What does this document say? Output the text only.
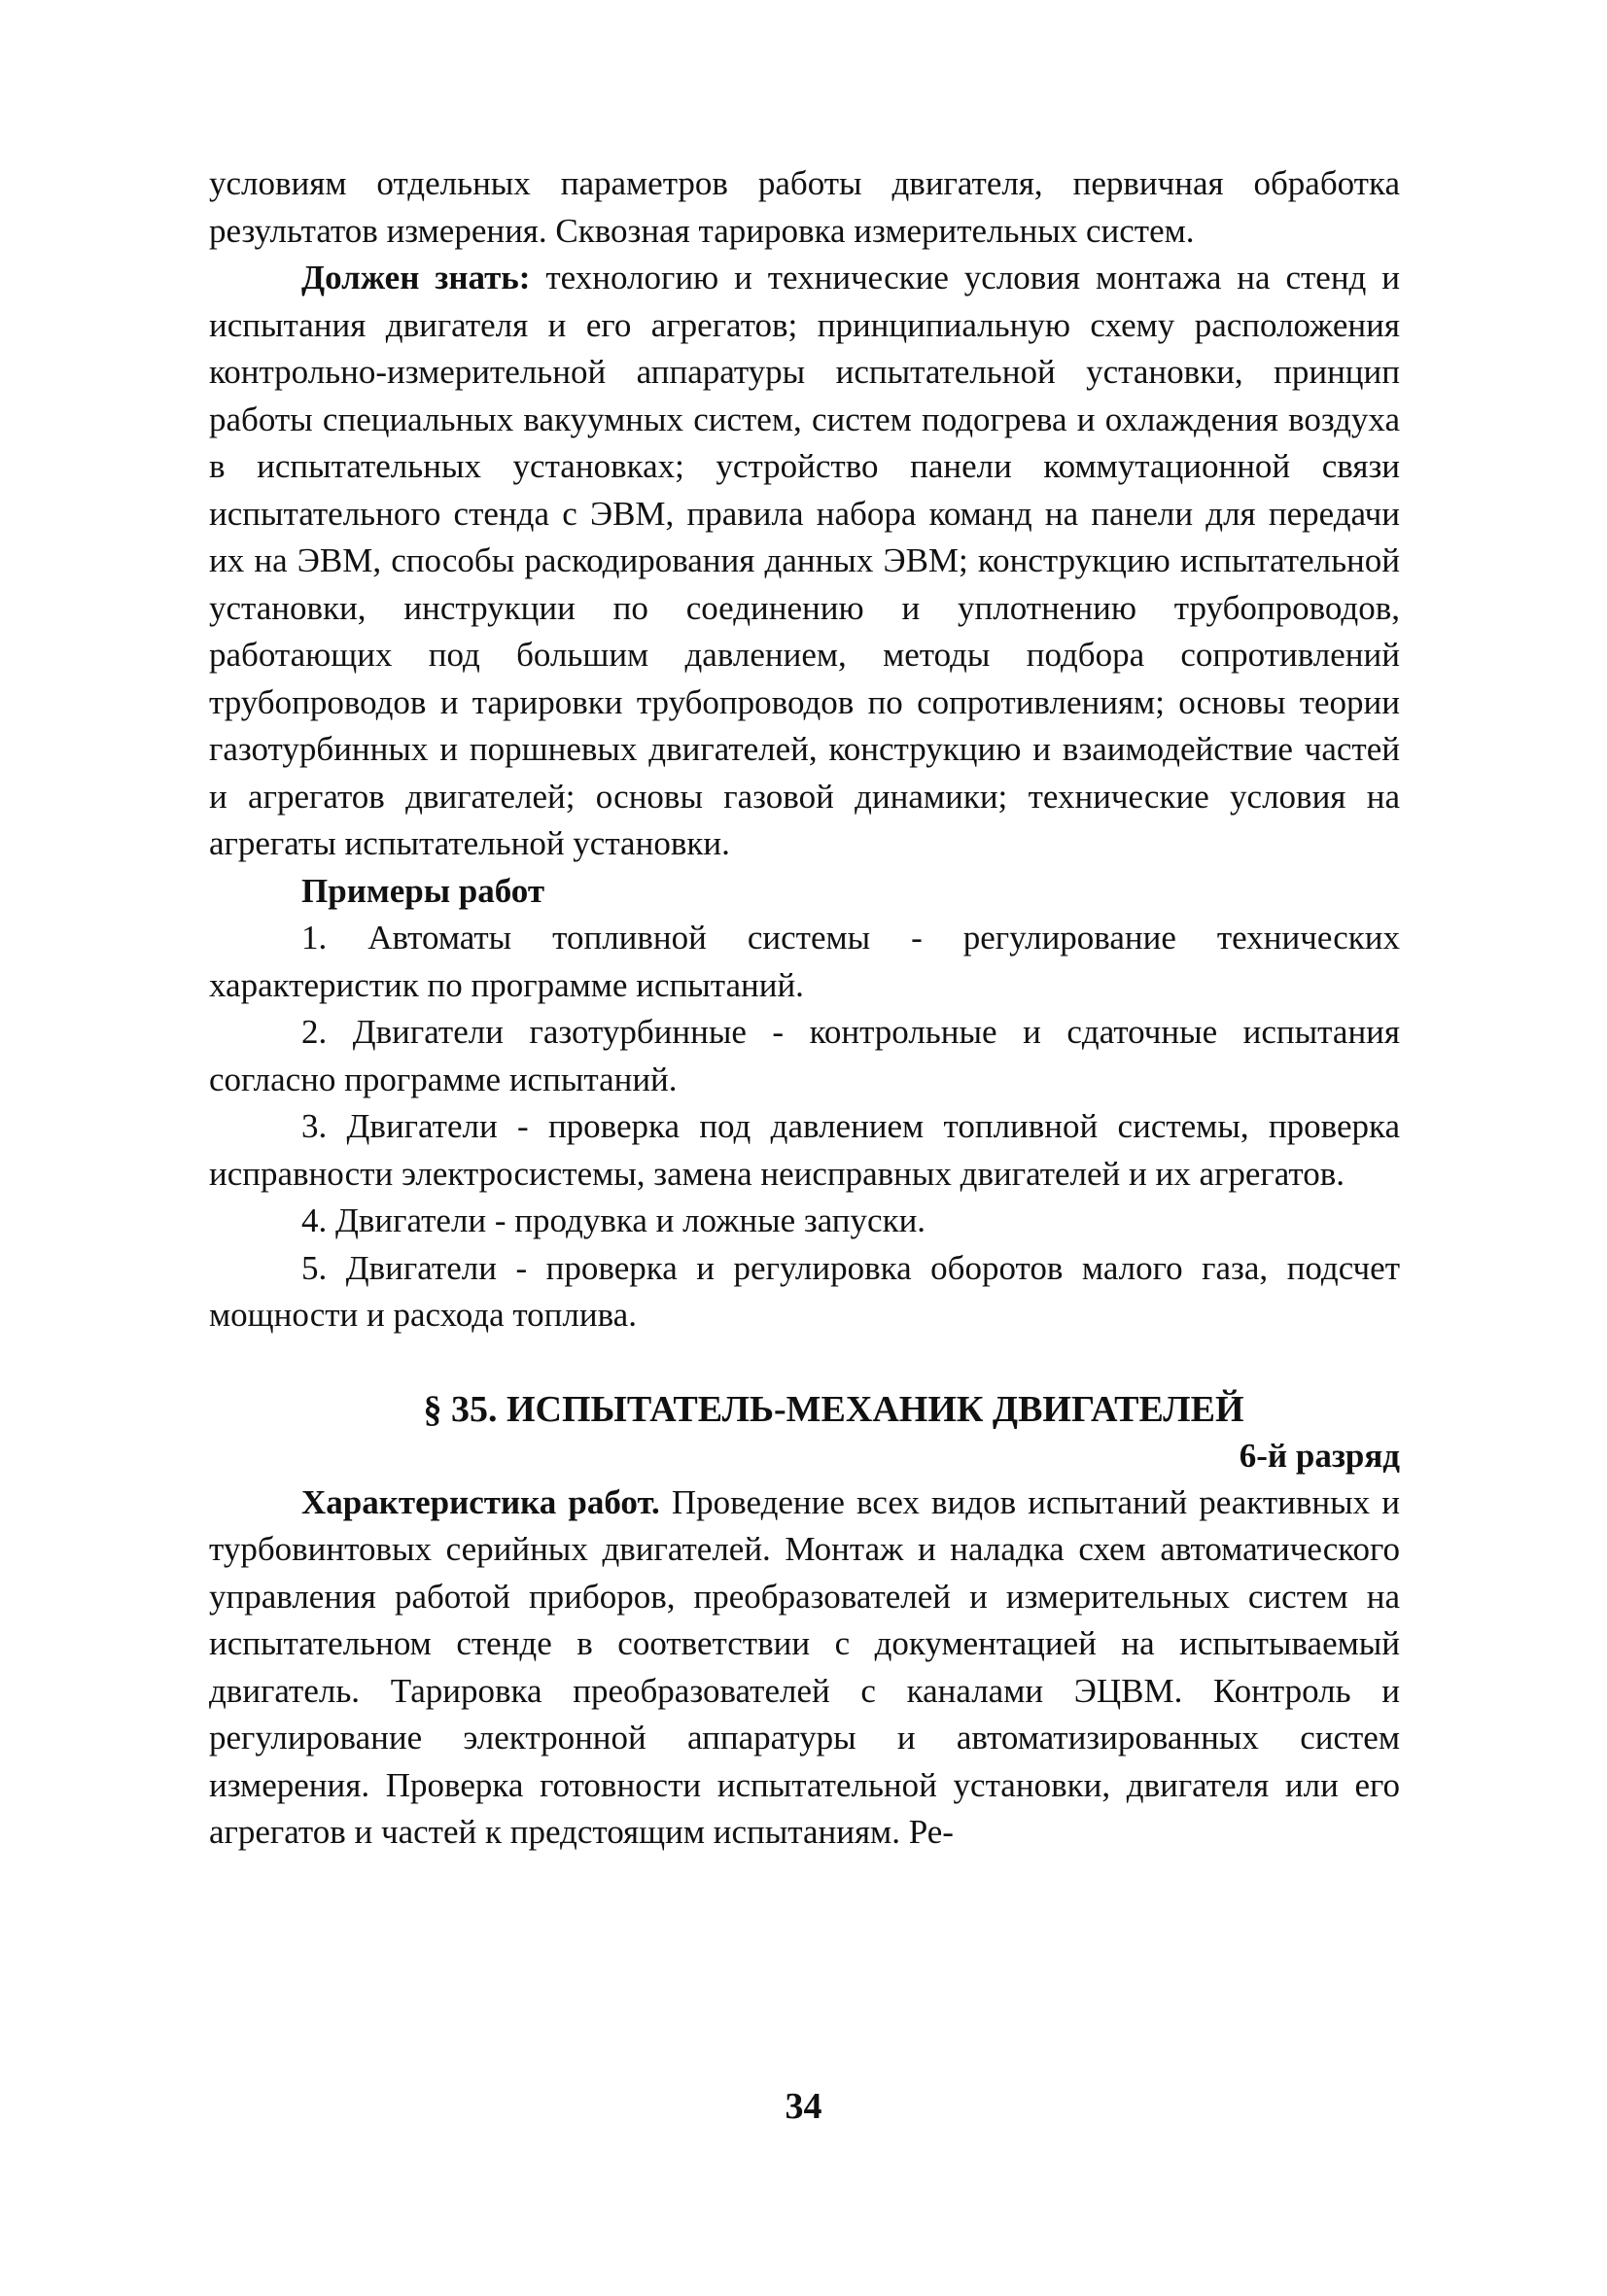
условиям отдельных параметров работы двигателя, первичная обработка результатов измерения. Сквозная тарировка измерительных систем.

Должен знать: технологию и технические условия монтажа на стенд и испытания двигателя и его агрегатов; принципиальную схему расположения контрольно-измерительной аппаратуры испытательной установки, принцип работы специальных вакуумных систем, систем подогрева и охлаждения воздуха в испытательных установках; устройство панели коммутационной связи испытательного стенда с ЭВМ, правила набора команд на панели для передачи их на ЭВМ, способы раскодирования данных ЭВМ; конструкцию испытательной установки, инструкции по соединению и уплотнению трубопроводов, работающих под большим давлением, методы подбора сопротивлений трубопроводов и тарировки трубопроводов по сопротивлениям; основы теории газотурбинных и поршневых двигателей, конструкцию и взаимодействие частей и агрегатов двигателей; основы газовой динамики; технические условия на агрегаты испытательной установки.

Примеры работ

1. Автоматы топливной системы - регулирование технических характеристик по программе испытаний.

2. Двигатели газотурбинные - контрольные и сдаточные испытания согласно программе испытаний.

3. Двигатели - проверка под давлением топливной системы, проверка исправности электросистемы, замена неисправных двигателей и их агрегатов.

4. Двигатели - продувка и ложные запуски.

5. Двигатели - проверка и регулировка оборотов малого газа, подсчет мощности и расхода топлива.

§ 35. ИСПЫТАТЕЛЬ-МЕХАНИК ДВИГАТЕЛЕЙ

6-й разряд

Характеристика работ. Проведение всех видов испытаний реактивных и турбовинтовых серийных двигателей. Монтаж и наладка схем автоматического управления работой приборов, преобразователей и измерительных систем на испытательном стенде в соответствии с документацией на испытываемый двигатель. Тарировка преобразователей с каналами ЭЦВМ. Контроль и регулирование электронной аппаратуры и автоматизированных систем измерения. Проверка готовности испытательной установки, двигателя или его агрегатов и частей к предстоящим испытаниям. Ре-

34
